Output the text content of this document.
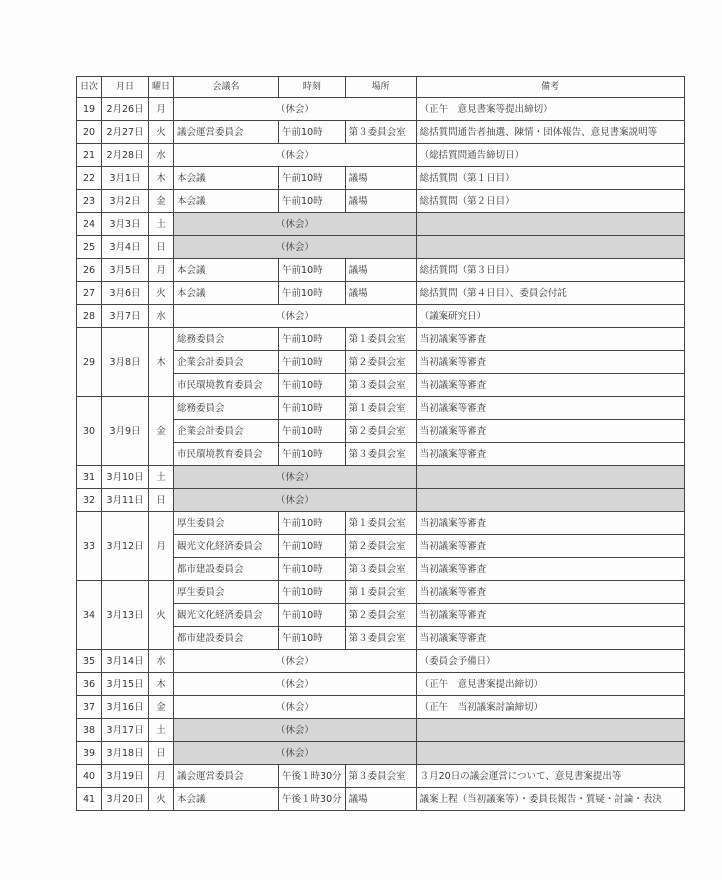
日次	月日	曜日	会議名	時刻	場所	備考
19	2月26日	月	（休会）			（正午　意見書案等提出締切）
20	2月27日	火	議会運営委員会	午前10時	第３委員会室	総括質問通告者抽選、陳情・団体報告、意見書案説明等
21	2月28日	水	（休会）			（総括質問通告締切日）
22	3月1日	木	本会議	午前10時	議場	総括質問（第１日目）
23	3月2日	金	本会議	午前10時	議場	総括質問（第２日目）
24	3月3日	土	（休会）			
25	3月4日	日	（休会）			
26	3月5日	月	本会議	午前10時	議場	総括質問（第３日目）
27	3月6日	火	本会議	午前10時	議場	総括質問（第４日目）、委員会付託
28	3月7日	水	（休会）			（議案研究日）
29	3月8日	木	総務委員会	午前10時	第１委員会室	当初議案等審査
			企業会計委員会	午前10時	第２委員会室	当初議案等審査
			市民環境教育委員会	午前10時	第３委員会室	当初議案等審査
30	3月9日	金	総務委員会	午前10時	第１委員会室	当初議案等審査
			企業会計委員会	午前10時	第２委員会室	当初議案等審査
			市民環境教育委員会	午前10時	第３委員会室	当初議案等審査
31	3月10日	土	（休会）			
32	3月11日	日	（休会）			
33	3月12日	月	厚生委員会	午前10時	第１委員会室	当初議案等審査
			観光文化経済委員会	午前10時	第２委員会室	当初議案等審査
			都市建設委員会	午前10時	第３委員会室	当初議案等審査
34	3月13日	火	厚生委員会	午前10時	第１委員会室	当初議案等審査
			観光文化経済委員会	午前10時	第２委員会室	当初議案等審査
			都市建設委員会	午前10時	第３委員会室	当初議案等審査
35	3月14日	水	（休会）			（委員会予備日）
36	3月15日	木	（休会）			（正午　意見書案提出締切）
37	3月16日	金	（休会）			（正午　当初議案討論締切）
38	3月17日	土	（休会）			
39	3月18日	日	（休会）			
40	3月19日	月	議会運営委員会	午後１時30分	第３委員会室	３月20日の議会運営について、意見書案提出等
41	3月20日	火	本会議	午後１時30分	議場	議案上程（当初議案等）・委員長報告・質疑・討論・表決
